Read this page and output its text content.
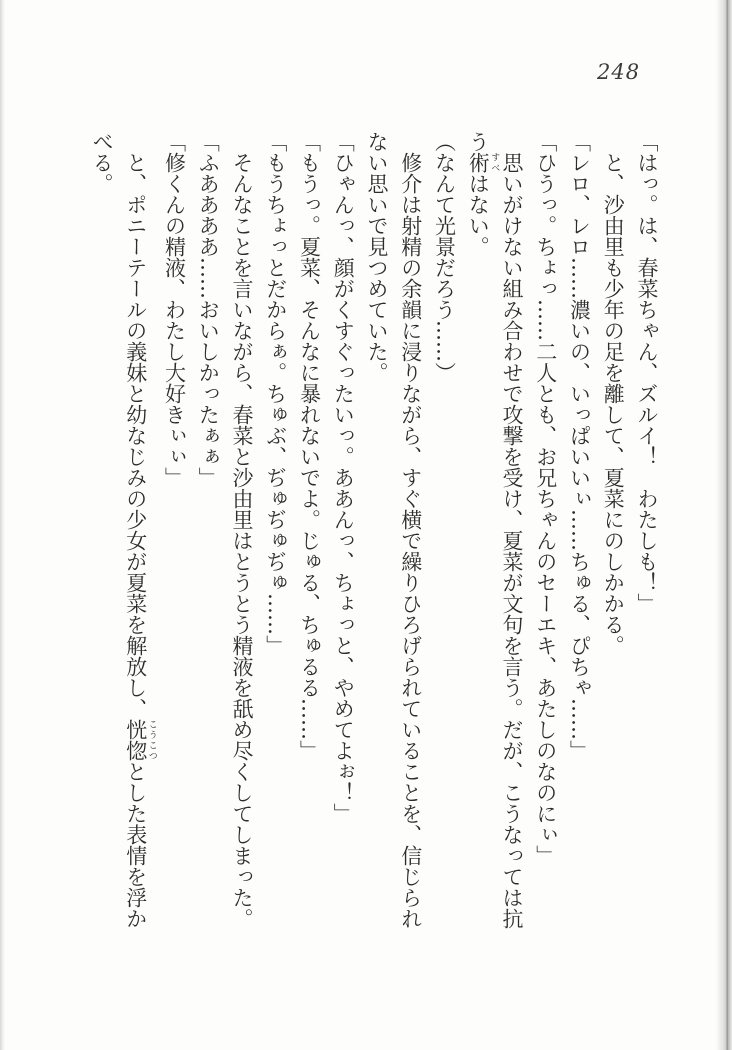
248

「はっ。は、春菜ちゃん、ズルイ！　わたしも！」

と、沙由里も少年の足を離して、夏菜にのしかかる。

「レロ、レロ……濃いの、いっぱいいぃ……ちゅる、ぴちゃ……」

「ひうっ。ちょっ……二人とも、お兄ちゃんのセーエキ、あたしのなのにぃ」

思いがけない組み合わせで攻撃を受け、夏菜が文句を言う。だが、こうなっては抗う術 すべはない。

（なんて光景だろう……）

修介は射精の余韻に浸りながら、すぐ横で繰りひろげられていることを、信じられない思いで見つめていた。

「ひゃんっ、顔がくすぐったいっ。ああんっ、ちょっと、やめてよぉ！」

「もうっ。夏菜、そんなに暴れないでよ。じゅる、ちゅるる……」

「もうちょっとだからぁ。ちゅぶ、ぢゅぢゅぢゅ……」

そんなことを言いながら、春菜と沙由里はとうとう精液を舐め尽くしてしまった。

「ふああああ……おいしかったぁぁ」

「修くんの精液、わたし大好きぃぃ」

と、ポニーテールの義妹と幼なじみの少女が夏菜を解放し、恍惚 こうこつとした表情を浮かべる。
